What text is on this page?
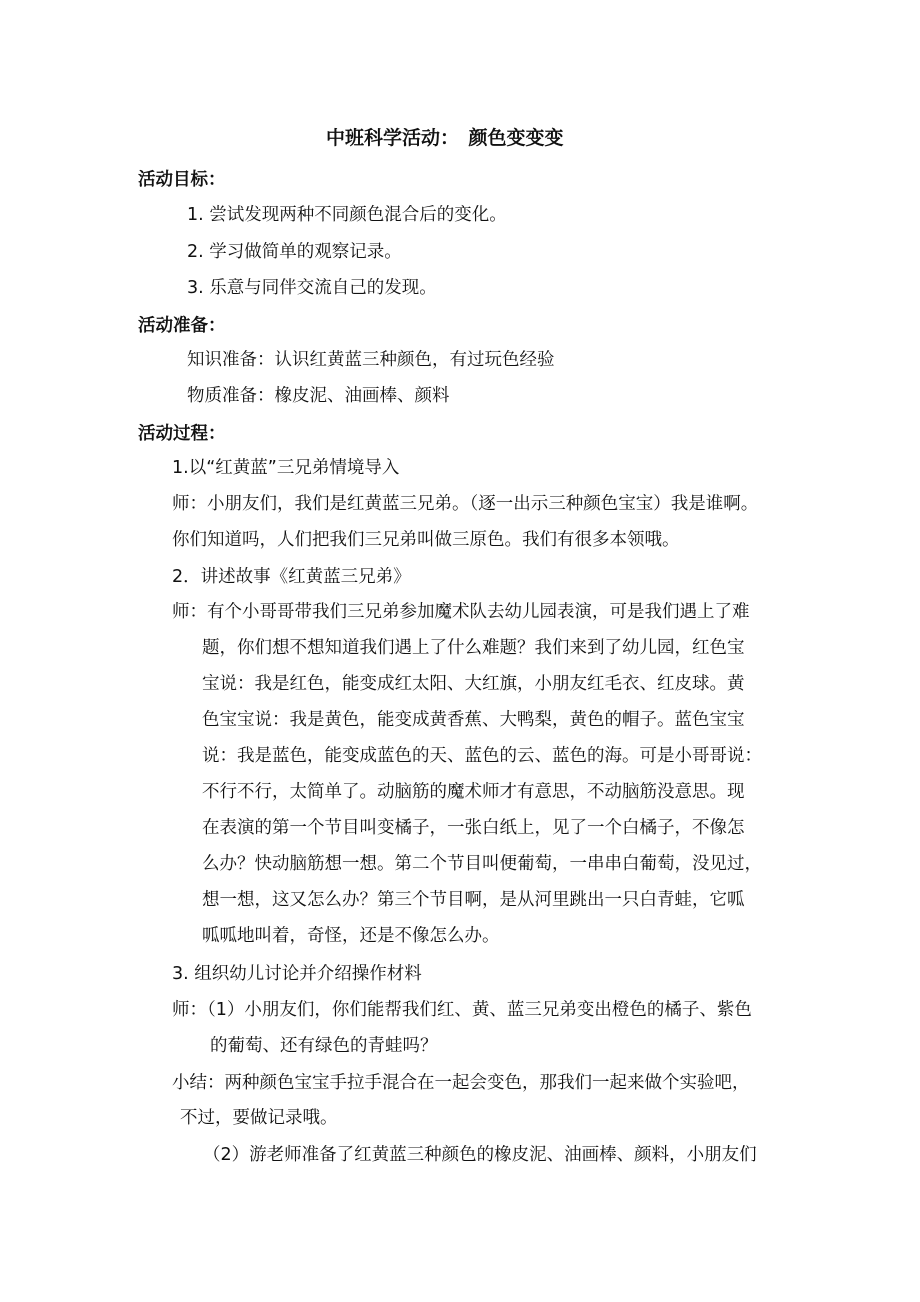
中班科学活动：　颜色变变变
活动目标：
1. 尝试发现两种不同颜色混合后的变化。
2. 学习做简单的观察记录。
3. 乐意与同伴交流自己的发现。
活动准备：
知识准备：认识红黄蓝三种颜色，有过玩色经验
物质准备：橡皮泥、油画棒、颜料
活动过程：
1.以“红黄蓝”三兄弟情境导入
师：小朋友们，我们是红黄蓝三兄弟。（逐一出示三种颜色宝宝）我是谁啊。
你们知道吗，人们把我们三兄弟叫做三原色。我们有很多本领哦。
2．讲述故事《红黄蓝三兄弟》
师：有个小哥哥带我们三兄弟参加魔术队去幼儿园表演，可是我们遇上了难
题，你们想不想知道我们遇上了什么难题？我们来到了幼儿园，红色宝
宝说：我是红色，能变成红太阳、大红旗，小朋友红毛衣、红皮球。黄
色宝宝说：我是黄色，能变成黄香蕉、大鸭梨，黄色的帽子。蓝色宝宝
说：我是蓝色，能变成蓝色的天、蓝色的云、蓝色的海。可是小哥哥说：
不行不行，太简单了。动脑筋的魔术师才有意思，不动脑筋没意思。现
在表演的第一个节目叫变橘子，一张白纸上，见了一个白橘子，不像怎
么办？快动脑筋想一想。第二个节目叫便葡萄，一串串白葡萄，没见过，
想一想，这又怎么办？第三个节目啊，是从河里跳出一只白青蛙，它呱
呱呱地叫着，奇怪，还是不像怎么办。
3. 组织幼儿讨论并介绍操作材料
师：（1）小朋友们，你们能帮我们红、黄、蓝三兄弟变出橙色的橘子、紫色
的葡萄、还有绿色的青蛙吗？
小结：两种颜色宝宝手拉手混合在一起会变色，那我们一起来做个实验吧，
不过，要做记录哦。
（2）游老师准备了红黄蓝三种颜色的橡皮泥、油画棒、颜料，小朋友们
